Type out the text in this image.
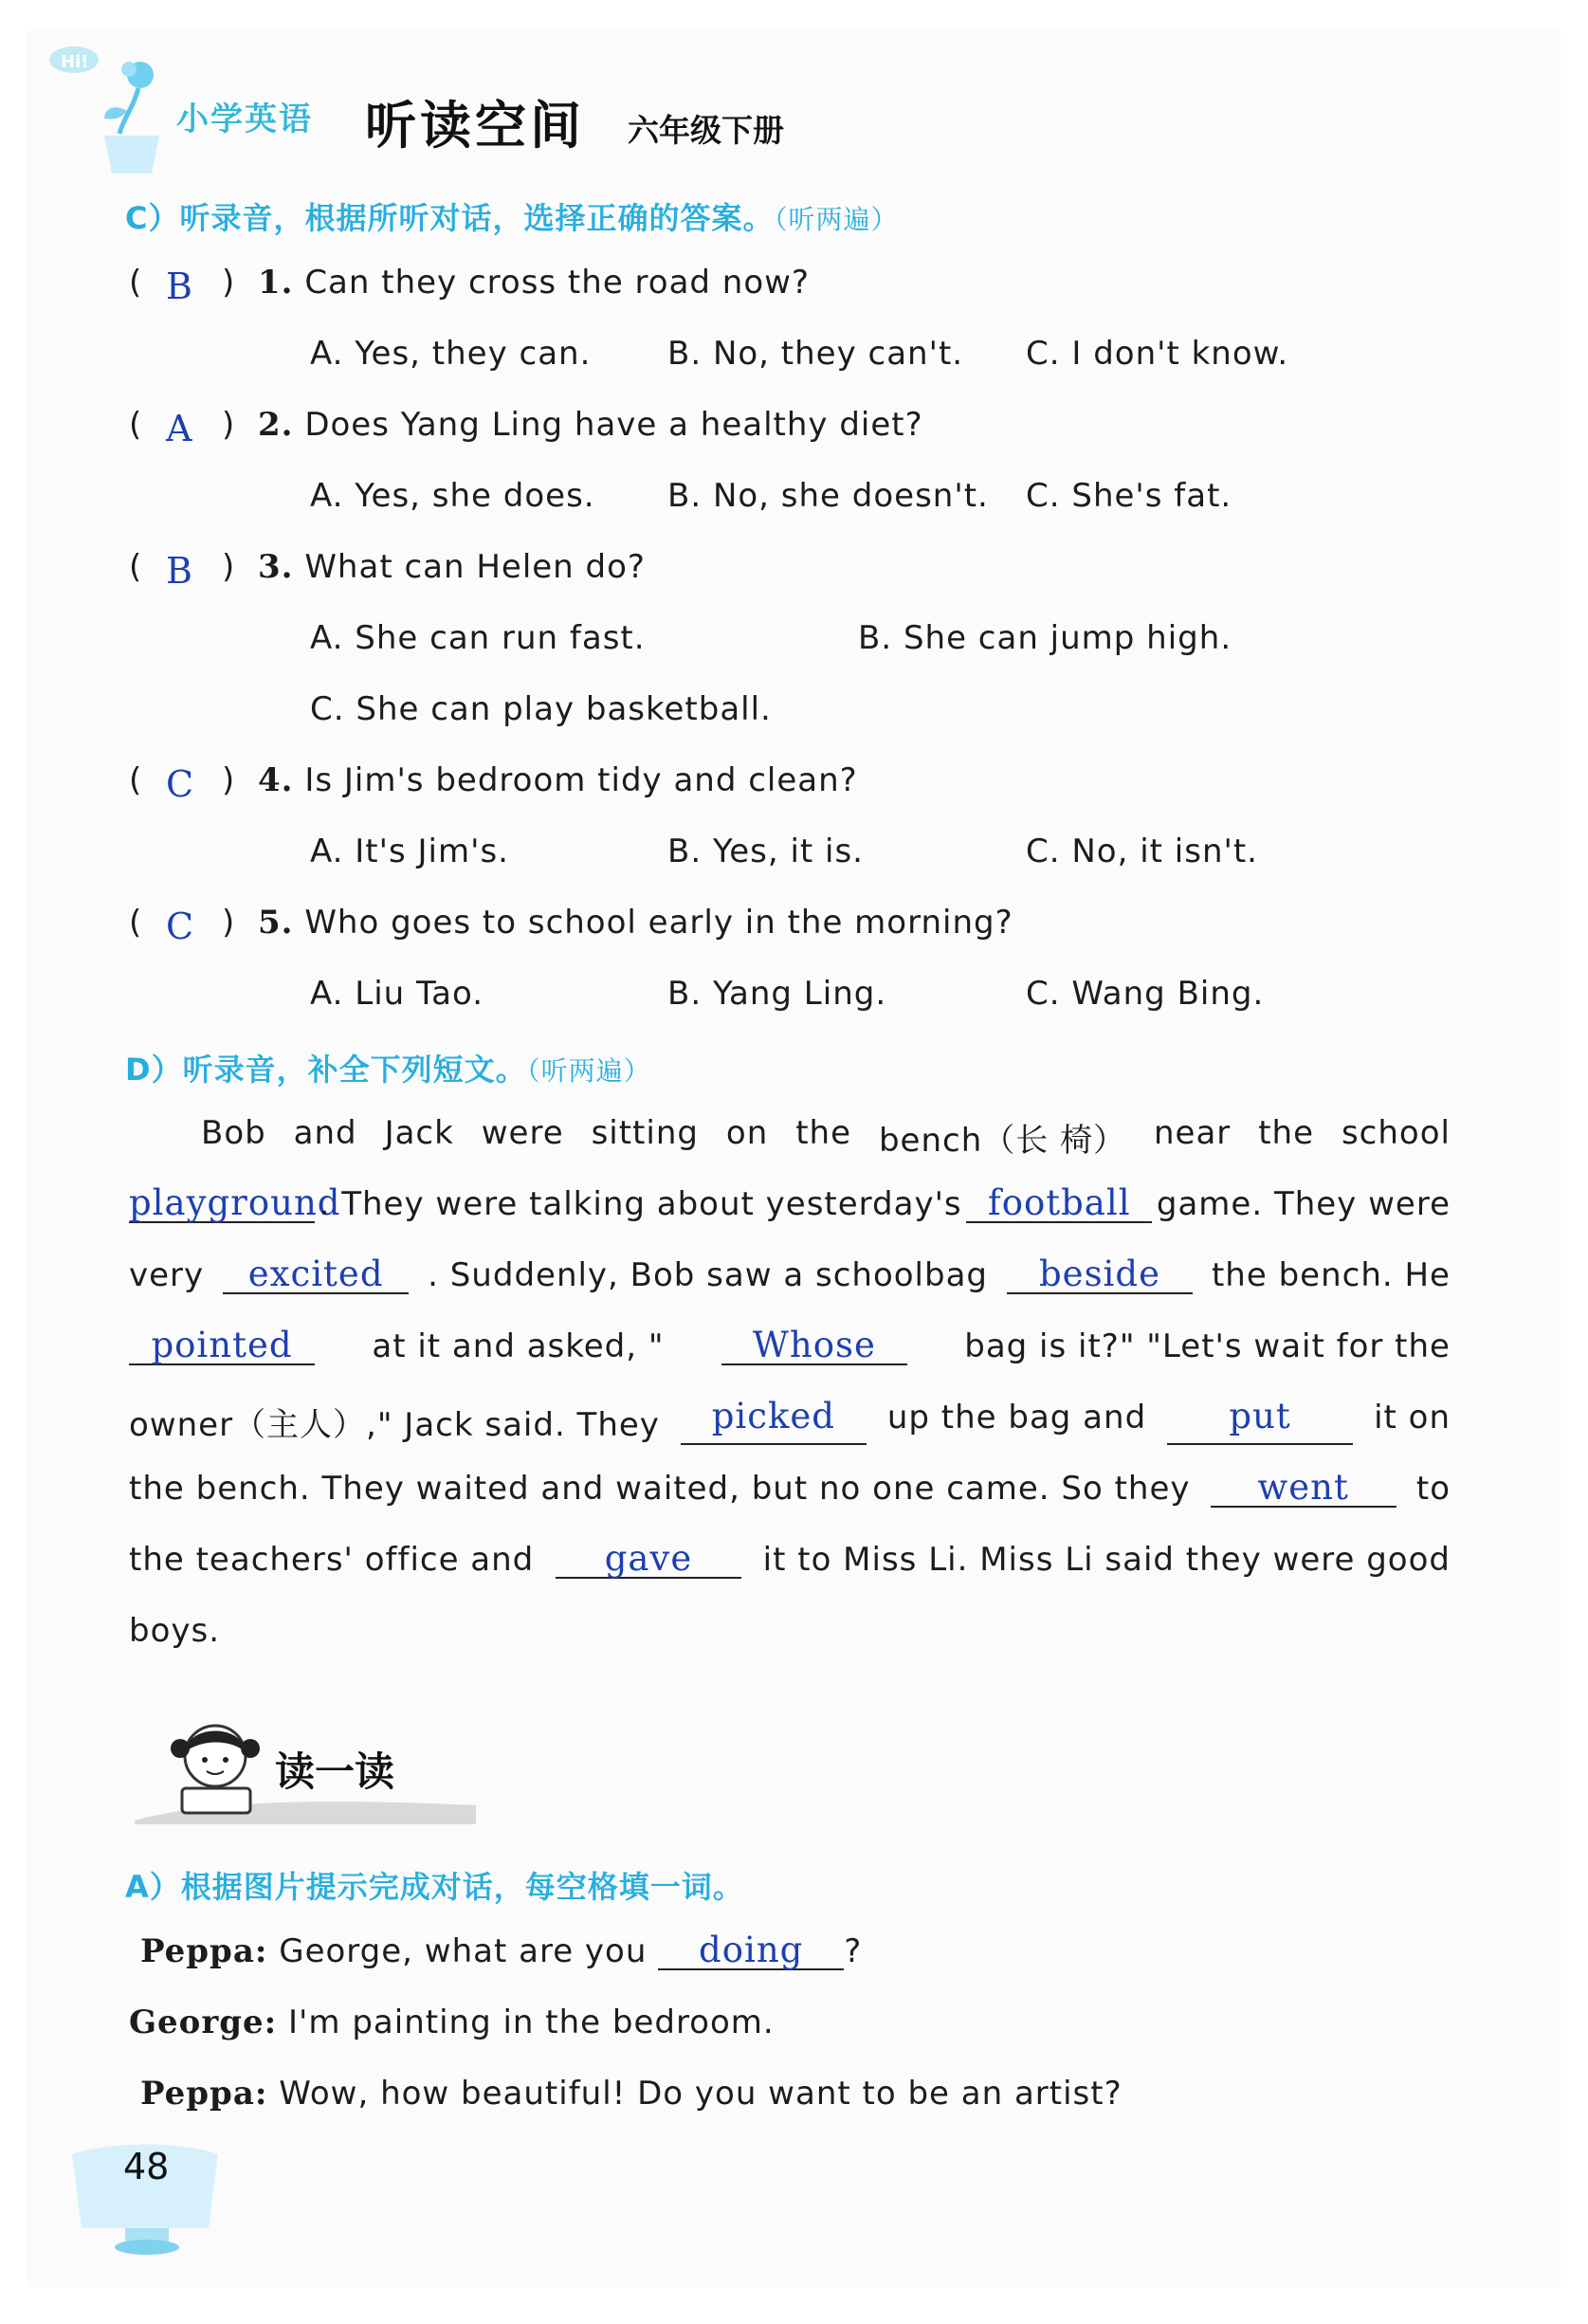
Hi!
小学英语 听读空间 六年级下册
C）听录音，根据所听对话，选择正确的答案。（听两遍）
( B ) 1. Can they cross the road now?
A. Yes, they can. B. No, they can't. C. I don't know.
( A ) 2. Does Yang Ling have a healthy diet?
A. Yes, she does. B. No, she doesn't. C. She's fat.
( B ) 3. What can Helen do?
A. She can run fast.	B. She can jump high.
C. She can play basketball.
( C ) 4. Is Jim's bedroom tidy and clean?
A. It's Jim's.	B. Yes, it is.	C. No, it isn't.
( C ) 5. Who goes to school early in the morning?
A. Liu Tao.	B. Yang Ling.	C. Wang Bing.
D）听录音，补全下列短文。（听两遍）
Bob and Jack were sitting on the bench（长 椅） near the school
playground
. They were talking about yesterday's football game. They were
very	excited	. Suddenly, Bob saw a schoolbag	beside	the bench. He
pointed	at it and asked, "	Whose	bag is it?" "Let's wait for the
owner（主人）," Jack said. They	picked	up the bag and	put	it on
the bench. They waited and waited, but no one came. So they	went	to
the teachers' office and	gave	it to Miss Li. Miss Li said they were good
boys.
读一读
A）根据图片提示完成对话，每空格填一词。
Peppa: George, what are you doing ?
George: I'm painting in the bedroom.
Peppa: Wow, how beautiful! Do you want to be an artist?
48
